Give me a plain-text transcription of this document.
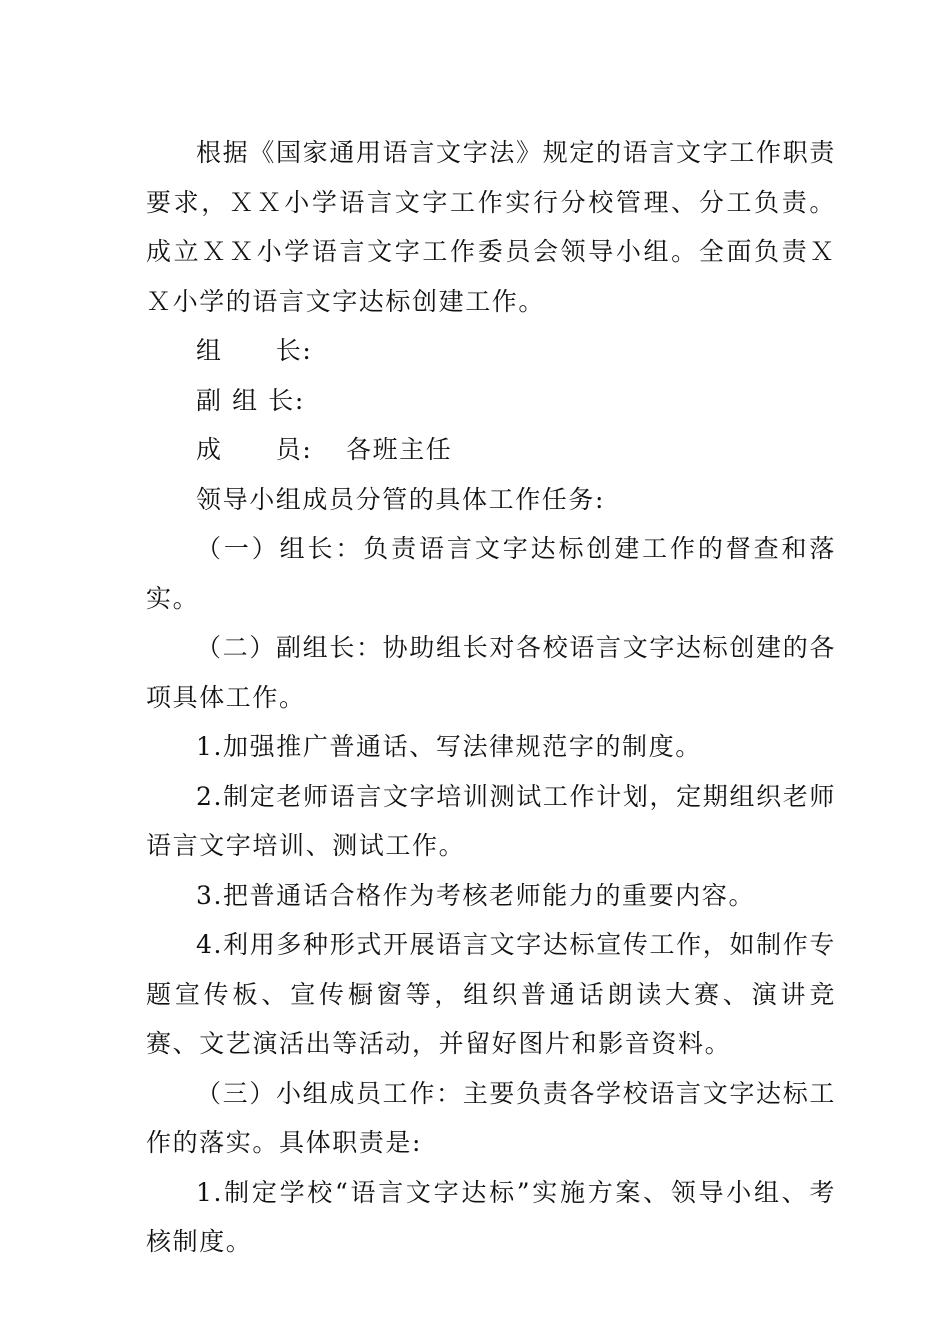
根据《国家通用语言文字法》规定的语言文字工作职责要求，ＸＸ小学语言文字工作实行分校管理、分工负责。成立ＸＸ小学语言文字工作委员会领导小组。全面负责ＸＸ小学的语言文字达标创建工作。

组　　长:

副 组 长:

成　　员: 各班主任

领导小组成员分管的具体工作任务:

（一）组长：负责语言文字达标创建工作的督查和落实。

（二）副组长：协助组长对各校语言文字达标创建的各项具体工作。

1.加强推广普通话、写法律规范字的制度。

2.制定老师语言文字培训测试工作计划，定期组织老师语言文字培训、测试工作。

3.把普通话合格作为考核老师能力的重要内容。

4.利用多种形式开展语言文字达标宣传工作，如制作专题宣传板、宣传橱窗等，组织普通话朗读大赛、演讲竞赛、文艺演活出等活动，并留好图片和影音资料。

（三）小组成员工作：主要负责各学校语言文字达标工作的落实。具体职责是:

1.制定学校“语言文字达标”实施方案、领导小组、考核制度。
